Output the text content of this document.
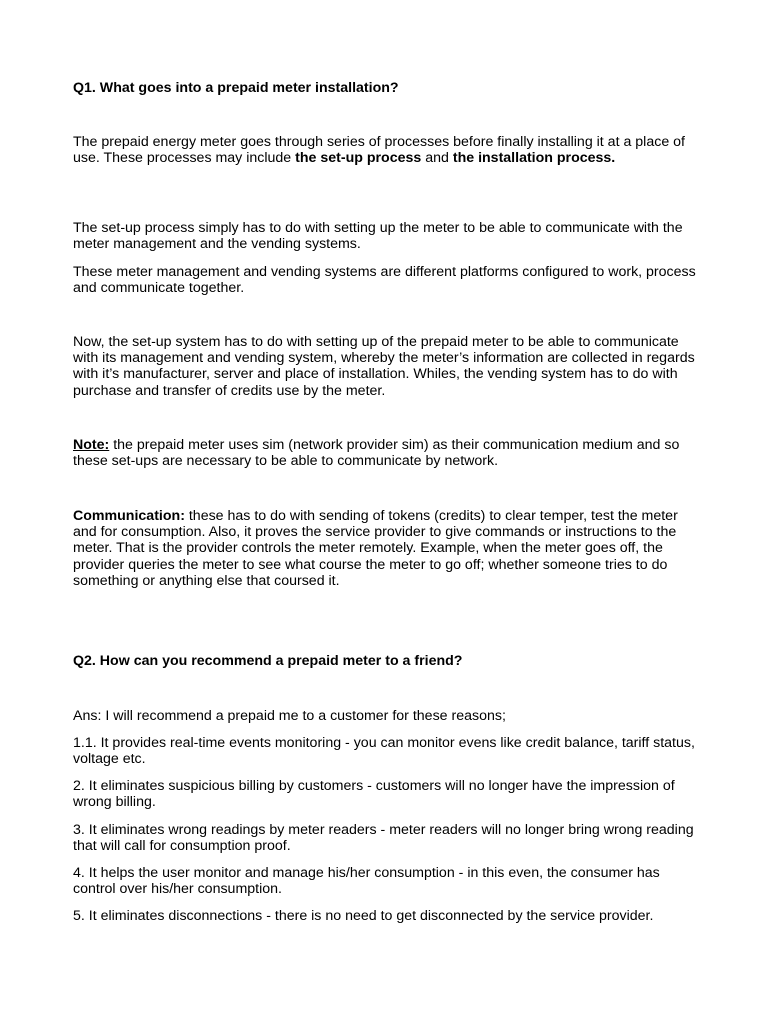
Q1. What goes into a prepaid meter installation?

The prepaid energy meter goes through series of processes before finally installing it at a place of use. These processes may include the set-up process and the installation process.

The set-up process simply has to do with setting up the meter to be able to communicate with the meter management and the vending systems.

These meter management and vending systems are different platforms configured to work, process and communicate together.

Now, the set-up system has to do with setting up of the prepaid meter to be able to communicate with its management and vending system, whereby the meter’s information are collected in regards with it’s manufacturer, server and place of installation. Whiles, the vending system has to do with purchase and transfer of credits use by the meter.

Note: the prepaid meter uses sim (network provider sim) as their communication medium and so these set-ups are necessary to be able to communicate by network.

Communication: these has to do with sending of tokens (credits) to clear temper, test the meter and for consumption. Also, it proves the service provider to give commands or instructions to the meter. That is the provider controls the meter remotely. Example, when the meter goes off, the provider queries the meter to see what course the meter to go off; whether someone tries to do something or anything else that coursed it.

Q2. How can you recommend a prepaid meter to a friend?

Ans: I will recommend a prepaid me to a customer for these reasons;

1.1. It provides real-time events monitoring - you can monitor evens like credit balance, tariff status, voltage etc.

2. It eliminates suspicious billing by customers - customers will no longer have the impression of wrong billing.

3. It eliminates wrong readings by meter readers - meter readers will no longer bring wrong reading that will call for consumption proof.

4. It helps the user monitor and manage his/her consumption - in this even, the consumer has control over his/her consumption.

5. It eliminates disconnections - there is no need to get disconnected by the service provider.
